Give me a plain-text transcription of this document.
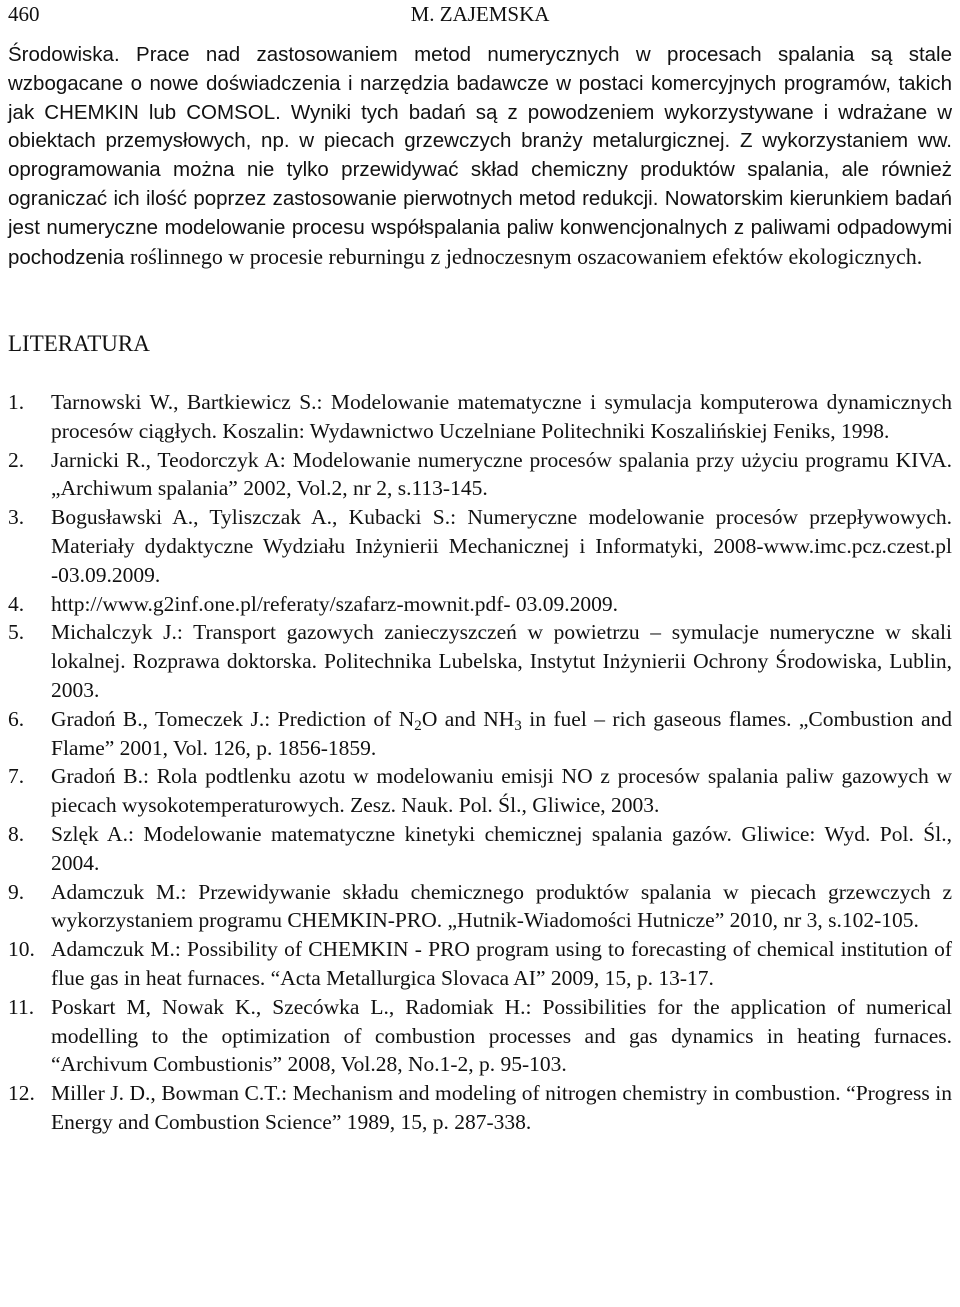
460	M. ZAJEMSKA

Środowiska. Prace nad zastosowaniem metod numerycznych w procesach spalania są stale wzbogacane o nowe doświadczenia i narzędzia badawcze w postaci komercyjnych programów, takich jak CHEMKIN lub COMSOL. Wyniki tych badań są z powodzeniem wykorzystywane i wdrażane w obiektach przemysłowych, np. w piecach grzewczych branży metalurgicznej. Z wykorzystaniem ww. oprogramowania można nie tylko przewidywać skład chemiczny produktów spalania, ale również ograniczać ich ilość poprzez zastosowanie pierwotnych metod redukcji. Nowatorskim kierunkiem badań jest numeryczne modelowanie procesu współspalania paliw konwencjonalnych z paliwami odpadowymi pochodzenia roślinnego w procesie reburningu z jednoczesnym oszacowaniem efektów ekologicznych.

LITERATURA
1. Tarnowski W., Bartkiewicz S.: Modelowanie matematyczne i symulacja komputerowa dynamicznych procesów ciągłych. Koszalin: Wydawnictwo Uczelniane Politechniki Koszalińskiej Feniks, 1998.
2. Jarnicki R., Teodorczyk A: Modelowanie numeryczne procesów spalania przy użyciu programu KIVA. „Archiwum spalania” 2002, Vol.2, nr 2, s.113-145.
3. Bogusławski A., Tyliszczak A., Kubacki S.: Numeryczne modelowanie procesów przepływowych. Materiały dydaktyczne Wydziału Inżynierii Mechanicznej i Informatyki, 2008-www.imc.pcz.czest.pl -03.09.2009.
4. http://www.g2inf.one.pl/referaty/szafarz-mownit.pdf- 03.09.2009.
5. Michalczyk J.: Transport gazowych zanieczyszczeń w powietrzu – symulacje numeryczne w skali lokalnej. Rozprawa doktorska. Politechnika Lubelska, Instytut Inżynierii Ochrony Środowiska, Lublin, 2003.
6. Gradoń B., Tomeczek J.: Prediction of $N_2O$ and $NH_3$ in fuel – rich gaseous flames. „Combustion and Flame” 2001, Vol. 126, p. 1856-1859.
7. Gradoń B.: Rola podtlenku azotu w modelowaniu emisji NO z procesów spalania paliw gazowych w piecach wysokotemperaturowych. Zesz. Nauk. Pol. Śl., Gliwice, 2003.
8. Szlęk A.: Modelowanie matematyczne kinetyki chemicznej spalania gazów. Gliwice: Wyd. Pol. Śl., 2004.
9. Adamczuk M.: Przewidywanie składu chemicznego produktów spalania w piecach grzewczych z wykorzystaniem programu CHEMKIN-PRO. „Hutnik-Wiadomości Hutnicze” 2010, nr 3, s.102-105.
10. Adamczuk M.: Possibility of CHEMKIN - PRO program using to forecasting of chemical institution of flue gas in heat furnaces. “Acta Metallurgica Slovaca AI” 2009, 15, p. 13-17.
11. Poskart M, Nowak K., Szecówka L., Radomiak H.: Possibilities for the application of numerical modelling to the optimization of combustion processes and gas dynamics in heating furnaces. “Archivum Combustionis” 2008, Vol.28, No.1-2, p. 95-103.
12. Miller J. D., Bowman C.T.: Mechanism and modeling of nitrogen chemistry in combustion. “Progress in Energy and Combustion Science” 1989, 15, p. 287-338.
